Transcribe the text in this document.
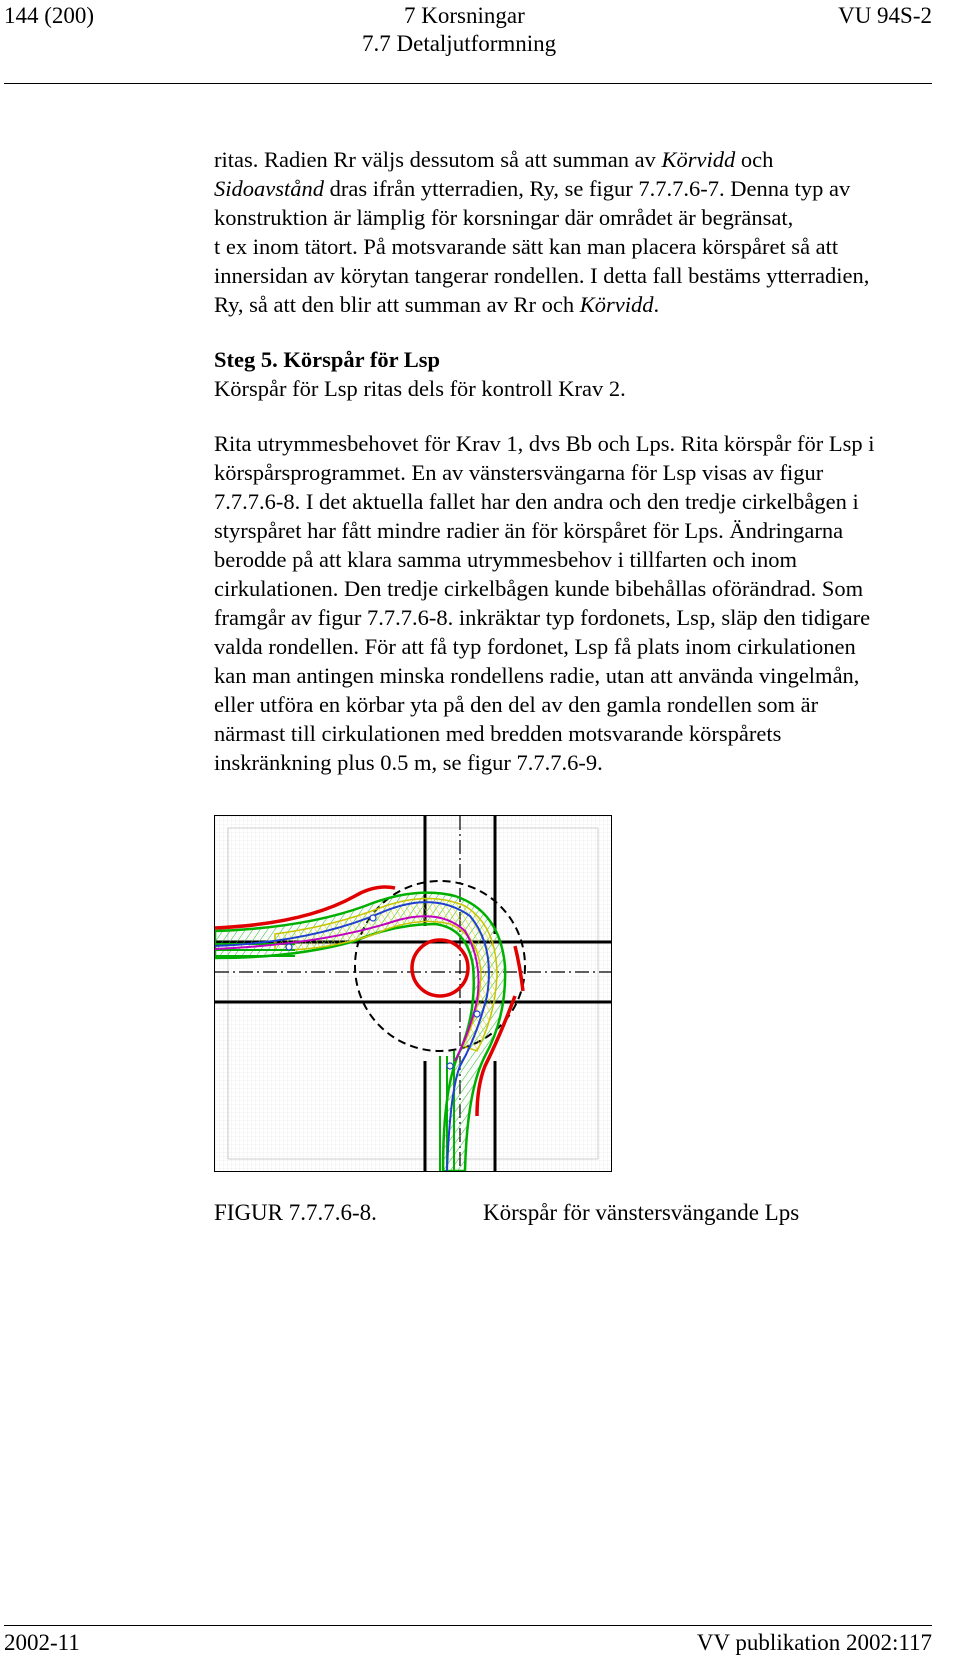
144 (200)	7 Korsningar
7.7 Detaljutformning
VU 94S-2
ritas. Radien Rr väljs dessutom så att summan av Körvidd och
Sidoavstånd dras ifrån ytterradien, Ry, se figur 7.7.7.6-7. Denna typ av
konstruktion är lämplig för korsningar där området är begränsat,
t ex inom tätort. På motsvarande sätt kan man placera körspåret så att
innersidan av körytan tangerar rondellen. I detta fall bestäms ytterradien,
Ry, så att den blir att summan av Rr och Körvidd.
Steg 5. Körspår för Lsp
Körspår för Lsp ritas dels för kontroll Krav 2.
Rita utrymmesbehovet för Krav 1, dvs Bb och Lps. Rita körspår för Lsp i
körspårsprogrammet. En av vänstersvängarna för Lsp visas av figur
7.7.7.6-8. I det aktuella fallet har den andra och den tredje cirkelbågen i
styrspåret har fått mindre radier än för körspåret för Lps. Ändringarna
berodde på att klara samma utrymmesbehov i tillfarten och inom
cirkulationen. Den tredje cirkelbågen kunde bibehållas oförändrad. Som
framgår av figur 7.7.7.6-8. inkräktar typ fordonets, Lsp, släp den tidigare
valda rondellen. För att få typ fordonet, Lsp få plats inom cirkulationen
kan man antingen minska rondellens radie, utan att använda vingelmån,
eller utföra en körbar yta på den del av den gamla rondellen som är
närmast till cirkulationen med bredden motsvarande körspårets
inskränkning plus 0.5 m, se figur 7.7.7.6-9.
FIGUR 7.7.7.6-8.	Körspår för vänstersvängande Lps
2002-11	VV publikation 2002:117
